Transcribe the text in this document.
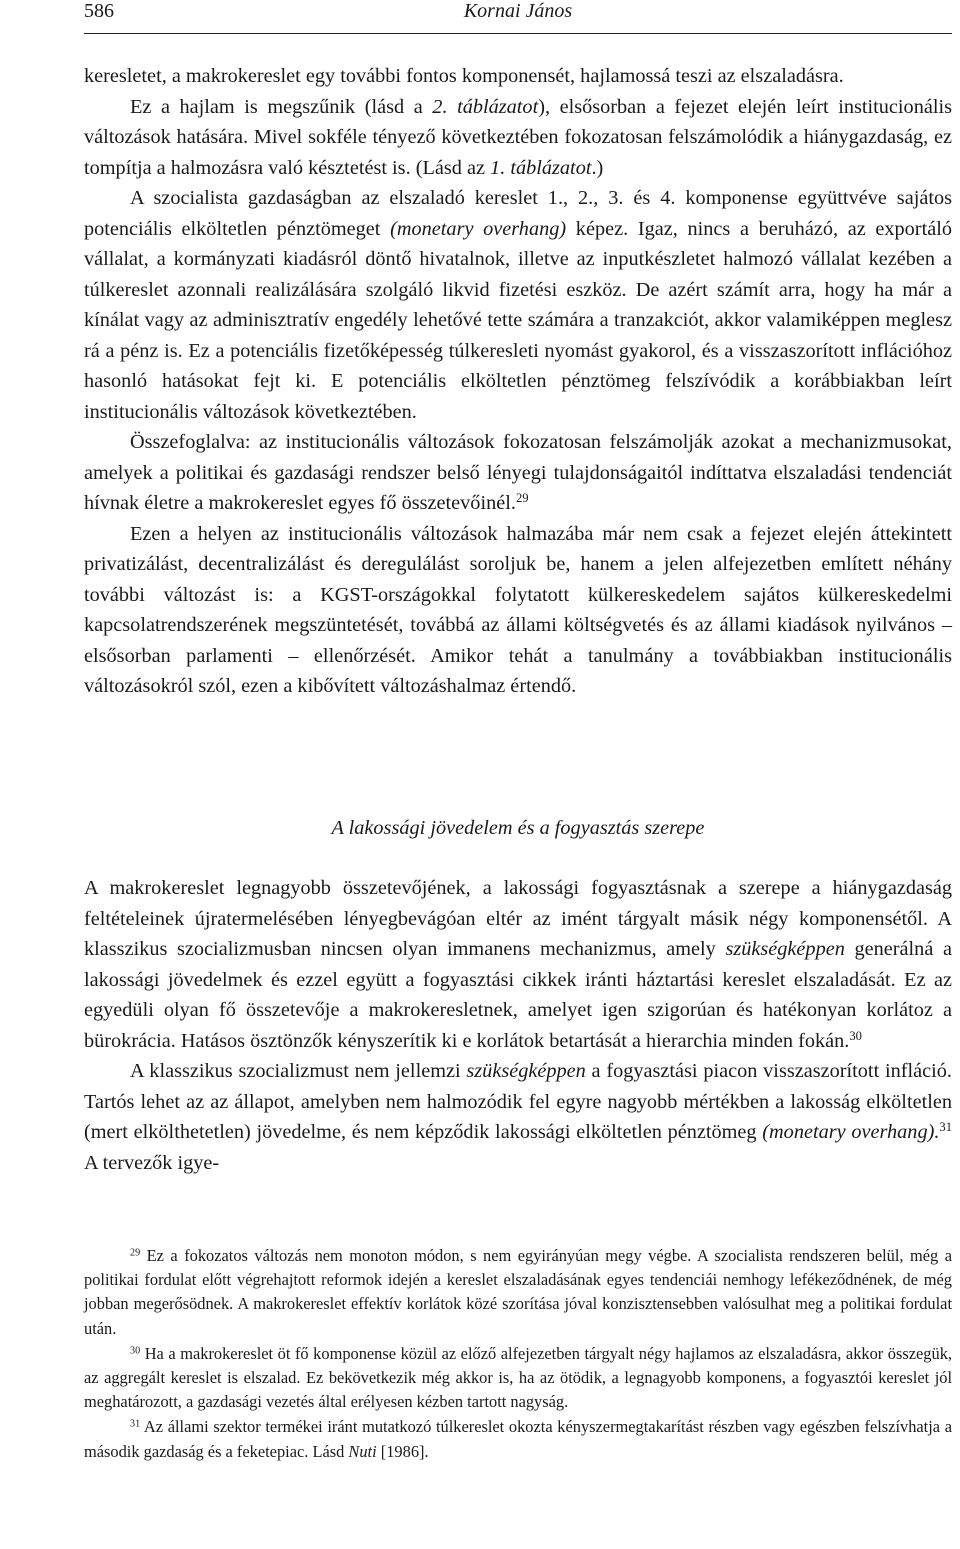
586	Kornai János

keresletet, a makrokereslet egy további fontos komponensét, hajlamossá teszi az elszaladásra.

Ez a hajlam is megszűnik (lásd a 2. táblázatot), elsősorban a fejezet elején leírt institucionális változások hatására. Mivel sokféle tényező következtében fokozatosan felszámolódik a hiánygazdaság, ez tompítja a halmozásra való késztetést is. (Lásd az 1. táblázatot.)

A szocialista gazdaságban az elszaladó kereslet 1., 2., 3. és 4. komponense együttvéve sajátos potenciális elköltetlen pénztömeget (monetary overhang) képez. Igaz, nincs a beruházó, az exportáló vállalat, a kormányzati kiadásról döntő hivatalnok, illetve az inputkészletet halmozó vállalat kezében a túlkereslet azonnali realizálására szolgáló likvid fizetési eszköz. De azért számít arra, hogy ha már a kínálat vagy az adminisztratív engedély lehetővé tette számára a tranzakciót, akkor valamiképpen meglesz rá a pénz is. Ez a potenciális fizetőképesség túlkeresleti nyomást gyakorol, és a visszaszorított inflációhoz hasonló hatásokat fejt ki. E potenciális elköltetlen pénztömeg felszívódik a korábbiakban leírt institucionális változások következtében.

Összefoglalva: az institucionális változások fokozatosan felszámolják azokat a mechanizmusokat, amelyek a politikai és gazdasági rendszer belső lényegi tulajdonságaitól indíttatva elszaladási tendenciát hívnak életre a makrokereslet egyes fő összetevőinél.$^{29}$

Ezen a helyen az institucionális változások halmazába már nem csak a fejezet elején áttekintett privatizálást, decentralizálást és deregulálást soroljuk be, hanem a jelen alfejezetben említett néhány további változást is: a KGST-országokkal folytatott külkereskedelem sajátos külkereskedelmi kapcsolatrendszerének megszüntetését, továbbá az állami költségvetés és az állami kiadások nyilvános – elsősorban parlamenti – ellenőrzését. Amikor tehát a tanulmány a továbbiakban institucionális változásokról szól, ezen a kibővített változáshalmaz értendő.

A lakossági jövedelem és a fogyasztás szerepe

A makrokereslet legnagyobb összetevőjének, a lakossági fogyasztásnak a szerepe a hiánygazdaság feltételeinek újratermelésében lényegbevágóan eltér az imént tárgyalt másik négy komponensétől. A klasszikus szocializmusban nincsen olyan immanens mechanizmus, amely szükségképpen generálná a lakossági jövedelmek és ezzel együtt a fogyasztási cikkek iránti háztartási kereslet elszaladását. Ez az egyedüli olyan fő összetevője a makrokeresletnek, amelyet igen szigorúan és hatékonyan korlátoz a bürokrácia. Hatásos ösztönzők kényszerítik ki e korlátok betartását a hierarchia minden fokán.$^{30}$

A klasszikus szocializmust nem jellemzi szükségképpen a fogyasztási piacon visszaszorított infláció. Tartós lehet az az állapot, amelyben nem halmozódik fel egyre nagyobb mértékben a lakosság elköltetlen (mert elkölthetetlen) jövedelme, és nem képződik lakossági elköltetlen pénztömeg (monetary overhang).$^{31}$ A tervezők igye-

$^{29}$ Ez a fokozatos változás nem monoton módon, s nem egyirányúan megy végbe. A szocialista rendszeren belül, még a politikai fordulat előtt végrehajtott reformok idején a kereslet elszaladásának egyes tendenciái nemhogy lefékeződnének, de még jobban megerősödnek. A makrokereslet effektív korlátok közé szorítása jóval konzisztensebben valósulhat meg a politikai fordulat után.

$^{30}$ Ha a makrokereslet öt fő komponense közül az előző alfejezetben tárgyalt négy hajlamos az elszaladásra, akkor összegük, az aggregált kereslet is elszalad. Ez bekövetkezik még akkor is, ha az ötödik, a legnagyobb komponens, a fogyasztói kereslet jól meghatározott, a gazdasági vezetés által erélyesen kézben tartott nagyság.

$^{31}$ Az állami szektor termékei iránt mutatkozó túlkereslet okozta kényszermegtakarítást részben vagy egészben felszívhatja a második gazdaság és a feketepiac. Lásd Nuti [1986].
